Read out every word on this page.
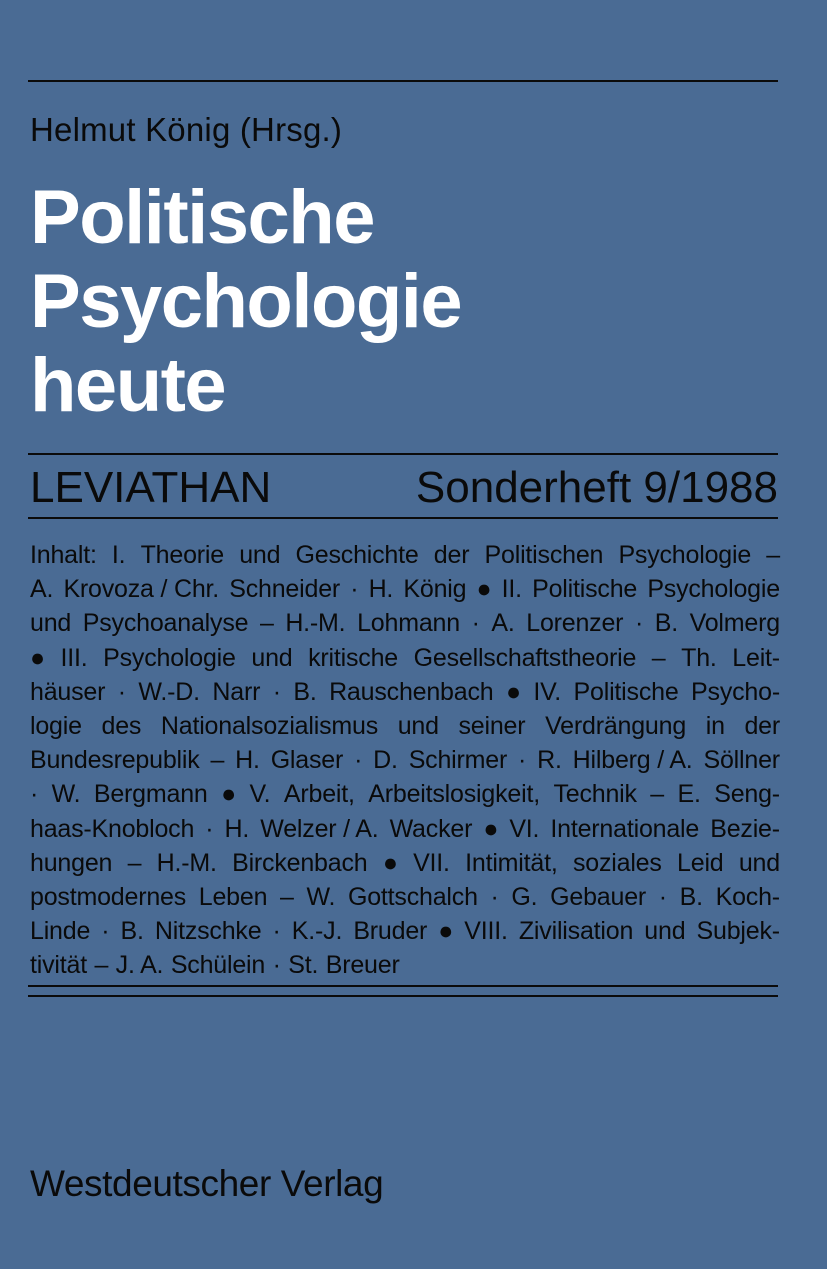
Helmut König (Hrsg.)
Politische
Psychologie
heute
LEVIATHAN	Sonderheft 9/1988
Inhalt: I. Theorie und Geschichte der Politischen Psychologie –
A. Krovoza / Chr. Schneider · H. König ● II. Politische Psychologie
und Psychoanalyse – H.-M. Lohmann · A. Lorenzer · B. Volmerg
● III. Psychologie und kritische Gesellschaftstheorie – Th. Leit-
häuser · W.-D. Narr · B. Rauschenbach ● IV. Politische Psycho-
logie des Nationalsozialismus und seiner Verdrängung in der
Bundesrepublik – H. Glaser · D. Schirmer · R. Hilberg / A. Söllner
· W. Bergmann ● V. Arbeit, Arbeitslosigkeit, Technik – E. Seng-
haas-Knobloch · H. Welzer / A. Wacker ● VI. Internationale Bezie-
hungen – H.-M. Birckenbach ● VII. Intimität, soziales Leid und
postmodernes Leben – W. Gottschalch · G. Gebauer · B. Koch-
Linde · B. Nitzschke · K.-J. Bruder ● VIII. Zivilisation und Subjek-
tivität – J. A. Schülein · St. Breuer
Westdeutscher Verlag
